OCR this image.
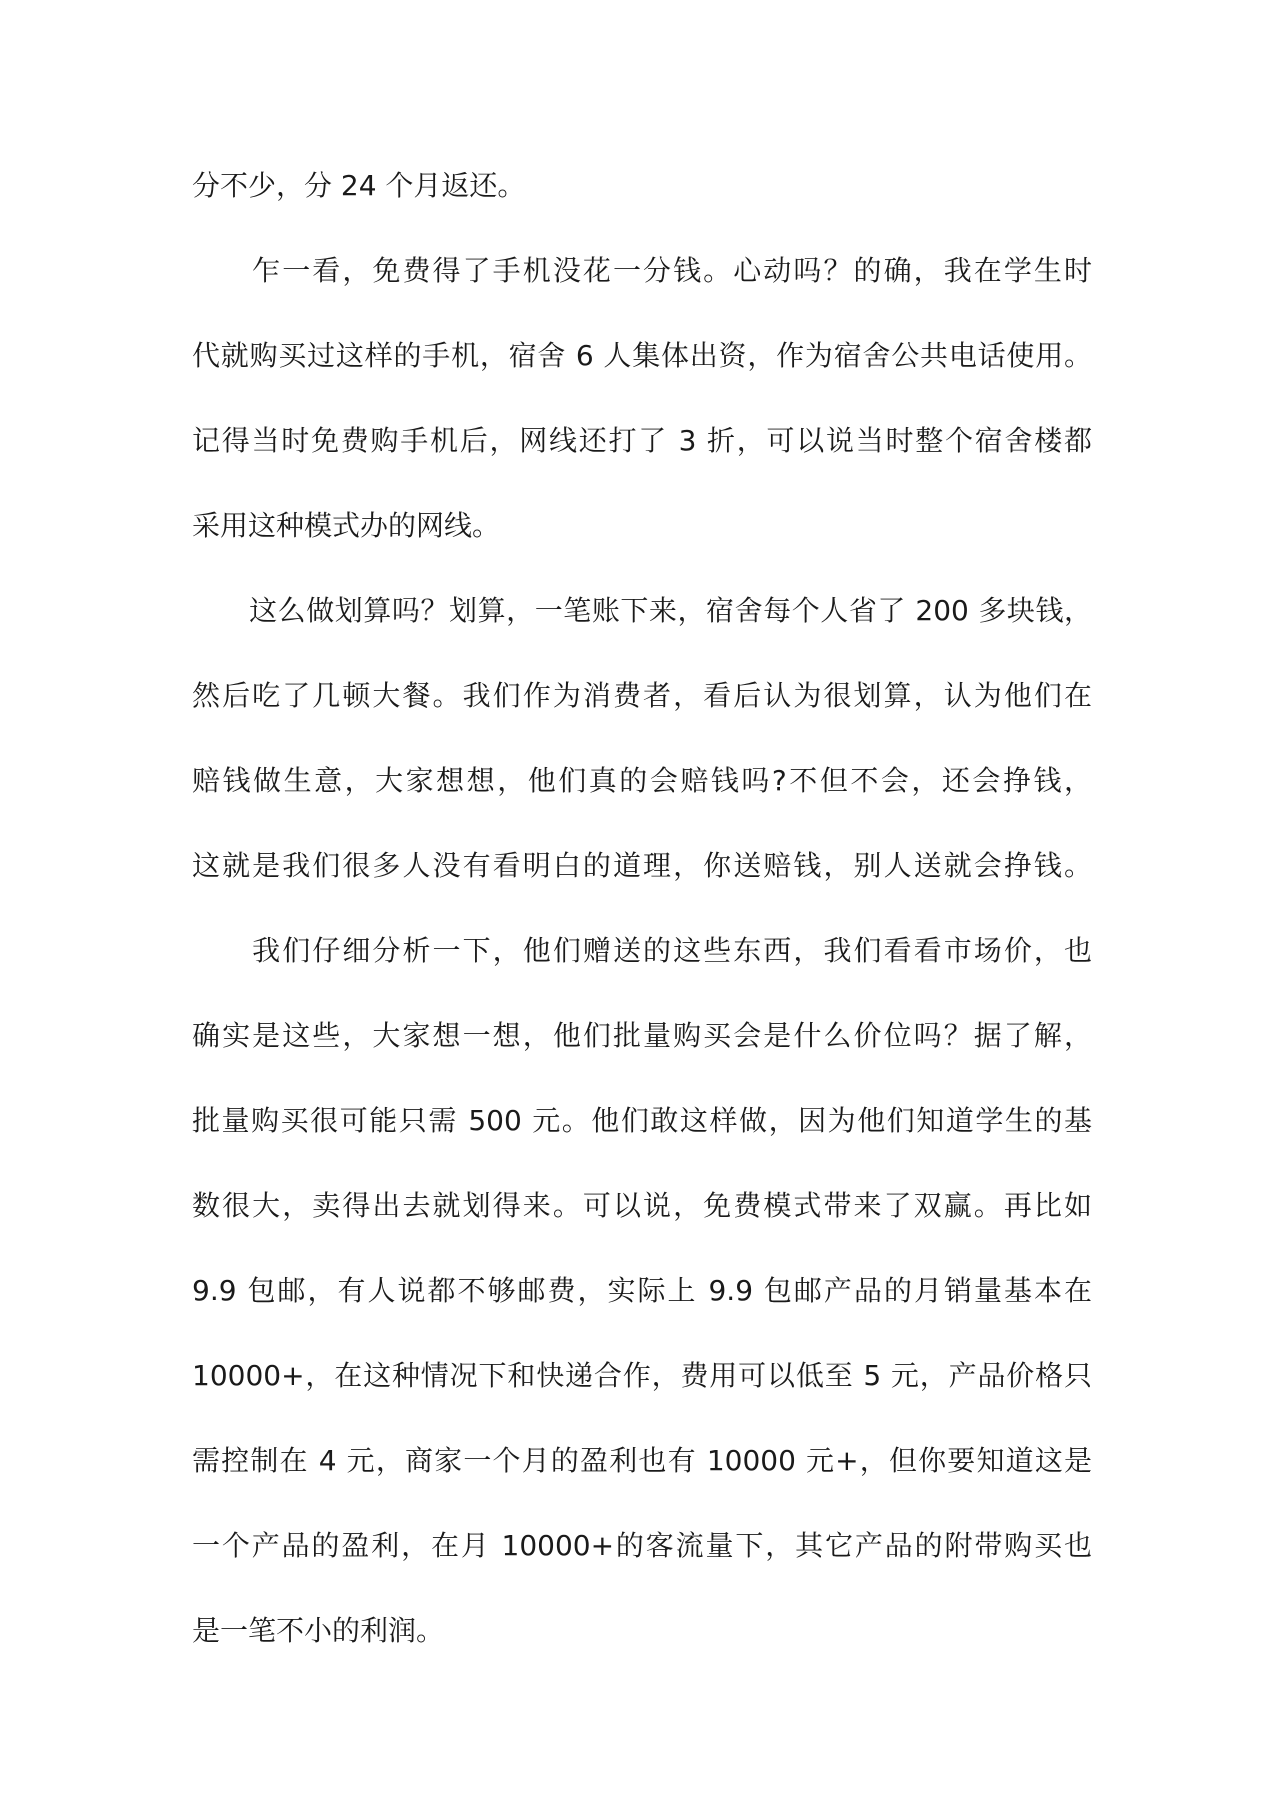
分不少，分 24 个月返还。
　　乍一看，免费得了手机没花一分钱。心动吗？的确，我在学生时
代就购买过这样的手机，宿舍 6 人集体出资，作为宿舍公共电话使用。
记得当时免费购手机后，网线还打了 3 折，可以说当时整个宿舍楼都
采用这种模式办的网线。
　　这么做划算吗？划算，一笔账下来，宿舍每个人省了 200 多块钱，
然后吃了几顿大餐。我们作为消费者，看后认为很划算，认为他们在
赔钱做生意，大家想想，他们真的会赔钱吗?不但不会，还会挣钱，
这就是我们很多人没有看明白的道理，你送赔钱，别人送就会挣钱。
　　我们仔细分析一下，他们赠送的这些东西，我们看看市场价，也
确实是这些，大家想一想，他们批量购买会是什么价位吗？据了解，
批量购买很可能只需 500 元。他们敢这样做，因为他们知道学生的基
数很大，卖得出去就划得来。可以说，免费模式带来了双赢。再比如
9.9 包邮，有人说都不够邮费，实际上 9.9 包邮产品的月销量基本在
10000+，在这种情况下和快递合作，费用可以低至 5 元，产品价格只
需控制在 4 元，商家一个月的盈利也有 10000 元+，但你要知道这是
一个产品的盈利，在月 10000+的客流量下，其它产品的附带购买也
是一笔不小的利润。
